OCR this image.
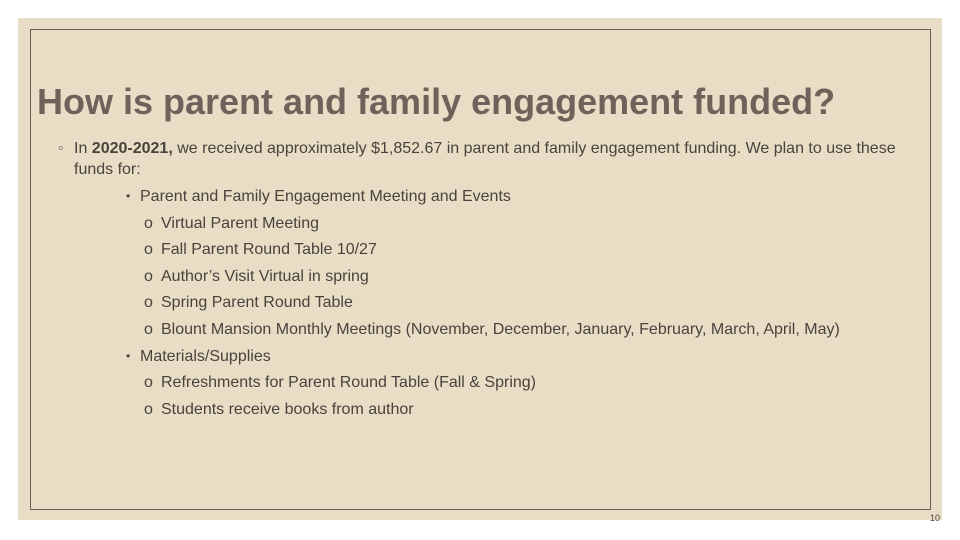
How is parent and family engagement funded?
◦ In 2020-2021, we received approximately $1,852.67 in parent and family engagement funding. We plan to use these funds for:
• Parent and Family Engagement Meeting and Events
o Virtual Parent Meeting
o Fall Parent Round Table 10/27
o Author’s Visit Virtual in spring
o Spring Parent Round Table
o Blount Mansion Monthly Meetings (November, December, January, February, March, April, May)
• Materials/Supplies
o Refreshments for Parent Round Table (Fall & Spring)
o Students receive books from author
10
